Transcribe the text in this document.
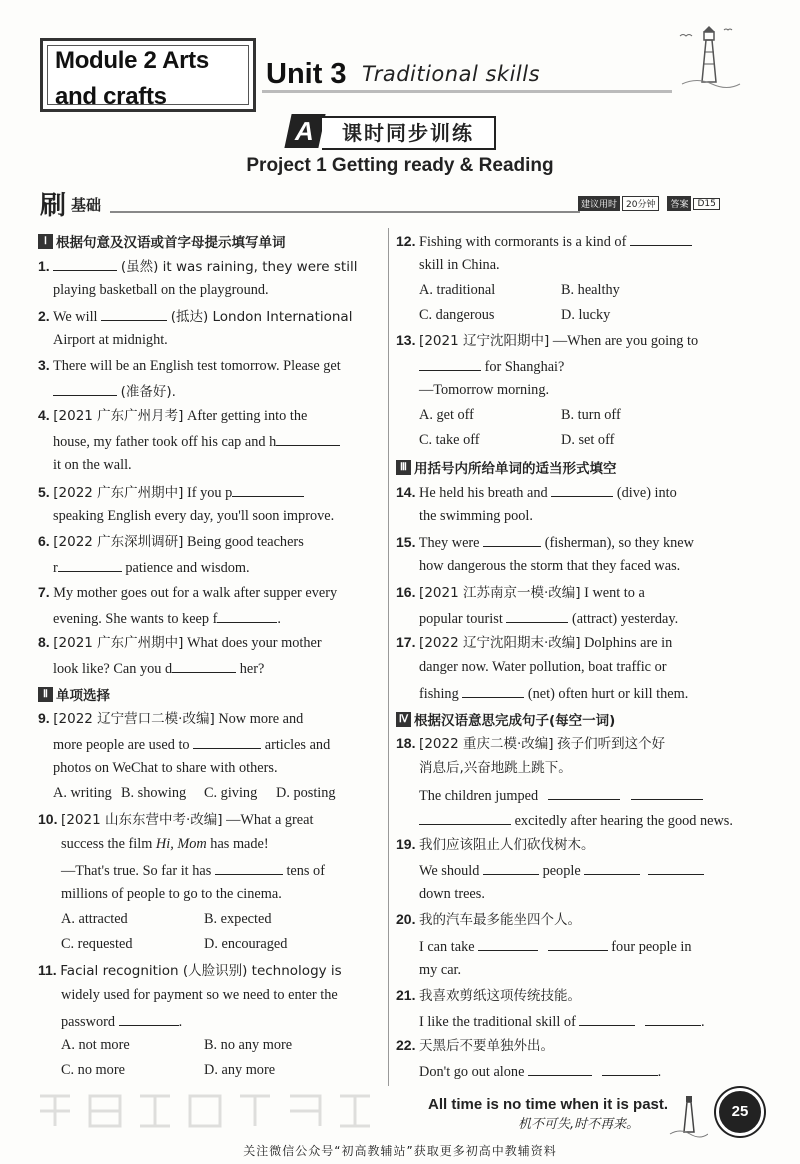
Module 2 Arts
and crafts
Unit 3 Traditional skills
A	课时同步训练
Project 1 Getting ready & Reading
刷 基础	建议用时	20分钟	答案	D15
Ⅰ 根据句意及汉语或首字母提示填写单词
1.	(虽然) it was raining, they were still
playing basketball on the playground.
2. We will	(抵达) London International
Airport at midnight.
3. There will be an English test tomorrow. Please get
(准备好).
4. [2021 广东广州月考] After getting into the
house, my father took off his cap and h
it on the wall.
5. [2022 广东广州期中] If you p
speaking English every day, you'll soon improve.
6. [2022 广东深圳调研] Being good teachers
r	patience and wisdom.
7. My mother goes out for a walk after supper every
evening. She wants to keep f	.
8. [2021 广东广州期中] What does your mother
look like? Can you d	her?
Ⅱ 单项选择
9. [2022 辽宁营口二模·改编] Now more and
more people are used to	articles and
photos on WeChat to share with others.
A. writing B. showing C. giving D. posting
10. [2021 山东东营中考·改编] —What a great
success the film Hi, Mom has made!
—That's true. So far it has	tens of
millions of people to go to the cinema.
A. attracted	B. expected
C. requested	D. encouraged
11. Facial recognition (人脸识别) technology is
widely used for payment so we need to enter the
password	.
A. not more	B. no any more
C. no more	D. any more
12. Fishing with cormorants is a kind of
skill in China.
A. traditional	B. healthy
C. dangerous	D. lucky
13. [2021 辽宁沈阳期中] —When are you going to
for Shanghai?
—Tomorrow morning.
A. get off	B. turn off
C. take off	D. set off
Ⅲ 用括号内所给单词的适当形式填空
14. He held his breath and	(dive) into
the swimming pool.
15. They were	(fisherman), so they knew
how dangerous the storm that they faced was.
16. [2021 江苏南京一模·改编] I went to a
popular tourist	(attract) yesterday.
17. [2022 辽宁沈阳期末·改编] Dolphins are in
danger now. Water pollution, boat traffic or
fishing	(net) often hurt or kill them.
Ⅳ 根据汉语意思完成句子(每空一词)
18. [2022 重庆二模·改编] 孩子们听到这个好
消息后,兴奋地跳上跳下。
The children jumped
excitedly after hearing the good news.
19. 我们应该阻止人们砍伐树木。
We should	people
down trees.
20. 我的汽车最多能坐四个人。
I can take	four people in
my car.
21. 我喜欢剪纸这项传统技能。
I like the traditional skill of	.
22. 天黑后不要单独外出。
Don't go out alone	.
All time is no time when it is past.
机不可失,时不再来。
25
关注微信公众号“初高教辅站”获取更多初高中教辅资料
